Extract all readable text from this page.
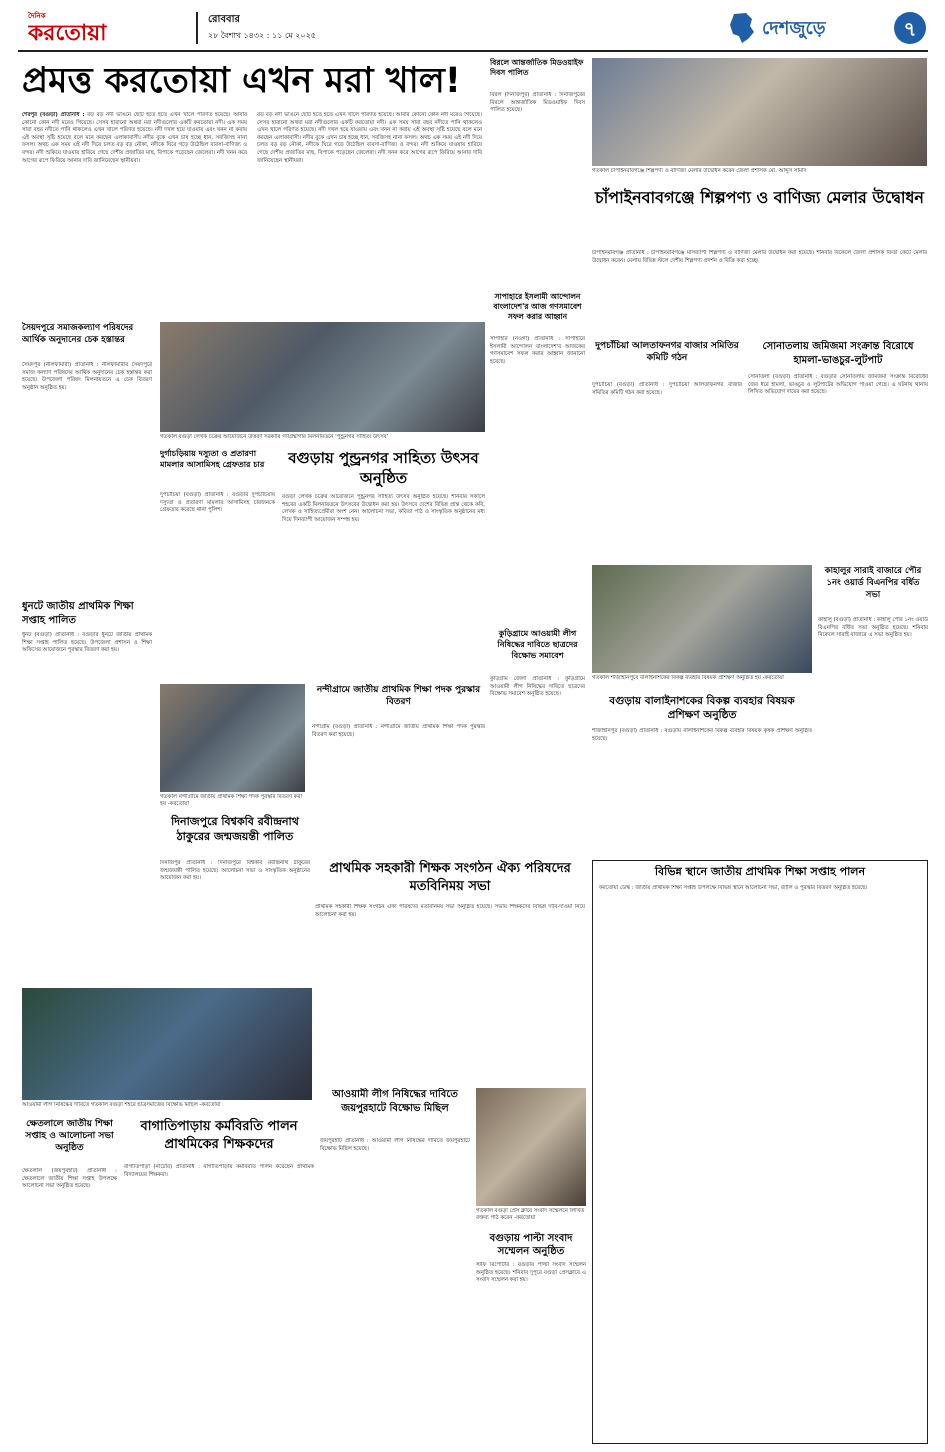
দৈনিক
করতোয়া
রোববার
২৮ বৈশাখ ১৪৩২ : ১১ মে ২০২৫	দেশজুড়ে	৭
প্রমত্ত করতোয়া এখন মরা খাল!
শেরপুর (বগুড়া) প্রতিনিধি : বড় বড় নদী ভাঙনে ছোট হতে হতে এখন খালে পরিণত হয়েছে। আবার কোনো কোন নদী মরেও গিয়েছে। সেসব হারানো অথবা মরা নদীগুলোর একটি করতোয়া নদী। এক সময় সারা বছর নদীতে পানি থাকলেও এখন খালে পরিণত হয়েছে। নদী দখল হয়ে যাওয়ায় এবং খনন না করায় এই অবস্থা সৃষ্টি হয়েছে বলে মনে করছেন এলাকাবাসী। নদীর বুকে এখন চাষ হচ্ছে ধান, সবজিসহ নানা ফসল। অথচ এক সময় এই নদী দিয়ে চলত বড় বড় নৌকা, নদীকে ঘিরে গড়ে উঠেছিল ব্যবসা-বাণিজ্য ও বন্দর। নদী শুকিয়ে যাওয়ায় হারিয়ে গেছে দেশীয় প্রজাতির মাছ, বিপাকে পড়েছেন জেলেরা। নদী খনন করে আগের রূপে ফিরিয়ে আনার দাবি জানিয়েছেন স্থানীয়রা।
বড় বড় নদী ভাঙনে ছোট হতে হতে এখন খালে পরিণত হয়েছে। আবার কোনো কোন নদী মরেও গিয়েছে। সেসব হারানো অথবা মরা নদীগুলোর একটি করতোয়া নদী। এক সময় সারা বছর নদীতে পানি থাকলেও এখন খালে পরিণত হয়েছে। নদী দখল হয়ে যাওয়ায় এবং খনন না করায় এই অবস্থা সৃষ্টি হয়েছে বলে মনে করছেন এলাকাবাসী। নদীর বুকে এখন চাষ হচ্ছে ধান, সবজিসহ নানা ফসল। অথচ এক সময় এই নদী দিয়ে চলত বড় বড় নৌকা, নদীকে ঘিরে গড়ে উঠেছিল ব্যবসা-বাণিজ্য ও বন্দর। নদী শুকিয়ে যাওয়ায় হারিয়ে গেছে দেশীয় প্রজাতির মাছ, বিপাকে পড়েছেন জেলেরা। নদী খনন করে আগের রূপে ফিরিয়ে আনার দাবি জানিয়েছেন স্থানীয়রা।
সৈয়দপুরে সমাজকল্যাণ পরিষদের আর্থিক অনুদানের চেক হস্তান্তর
সৈয়দপুর (নীলফামারী) প্রতিনিধি : নীলফামারীর সৈয়দপুরে সমাজ কল্যাণ পরিষদের আর্থিক অনুদানের চেক হস্তান্তর করা হয়েছে। উপজেলা পরিষদ মিলনায়তনে এ চেক বিতরণ অনুষ্ঠান অনুষ্ঠিত হয়।
গতকাল বগুড়া লেখক চক্রের আয়োজনে উত্তরণ সরকারি গণগ্রন্থাগার মিলনায়তনে 'পুন্ড্রনগর সাহিত্য উৎসব'
দুর্গাচড়িয়ায় দস্যুতা ও প্রতারণা মামলার আসামিসহ গ্রেফতার চার
দুপচাঁচিয়া (বগুড়া) প্রতিনিধি : বগুড়ার দুপচাঁচিয়ায় দস্যুতা ও প্রতারণা মামলার আসামিসহ চারজনকে গ্রেফতার করেছে থানা পুলিশ।
বগুড়ায় পুন্ড্রনগর সাহিত্য উৎসব অনুষ্ঠিত
বগুড়া লেখক চক্রের আয়োজনে পুন্ড্রনগর সাহিত্য উৎসব অনুষ্ঠিত হয়েছে। শনিবার সকালে শহরের একটি মিলনায়তনে উৎসবের উদ্বোধন করা হয়। উৎসবে দেশের বিভিন্ন প্রান্ত থেকে কবি, লেখক ও সাহিত্যপ্রেমীরা অংশ নেন। আলোচনা সভা, কবিতা পাঠ ও সাংস্কৃতিক অনুষ্ঠানের মধ্য দিয়ে দিনব্যাপী আয়োজন সম্পন্ন হয়।
ধুনটে জাতীয় প্রাথমিক শিক্ষা সপ্তাহ পালিত
ধুনট (বগুড়া) প্রতিনিধি : বগুড়ার ধুনটে জাতীয় প্রাথমিক শিক্ষা সপ্তাহ পালিত হয়েছে। উপজেলা প্রশাসন ও শিক্ষা অফিসের আয়োজনে পুরস্কার বিতরণ করা হয়।
গতকাল নন্দীগ্রামে জাতীয় প্রাথমিক শিক্ষা পদক পুরস্কার বিতরণ করা হয় -করতোয়া
নন্দীগ্রামে জাতীয় প্রাথমিক শিক্ষা পদক পুরস্কার বিতরণ
নন্দীগ্রাম (বগুড়া) প্রতিনিধি : নন্দীগ্রামে জাতীয় প্রাথমিক শিক্ষা পদক পুরস্কার বিতরণ করা হয়েছে।
দিনাজপুরে বিশ্বকবি রবীন্দ্রনাথ ঠাকুরের জন্মজয়ন্তী পালিত
দিনাজপুর প্রতিনিধি : দিনাজপুরে বিশ্বকবি রবীন্দ্রনাথ ঠাকুরের জন্মজয়ন্তী পালিত হয়েছে। আলোচনা সভা ও সাংস্কৃতিক অনুষ্ঠানের আয়োজন করা হয়।
প্রাথমিক সহকারী শিক্ষক সংগঠন ঐক্য পরিষদের মতবিনিময় সভা
প্রাথমিক সহকারী শিক্ষক সংগঠন ঐক্য পরিষদের মতবিনিময় সভা অনুষ্ঠিত হয়েছে। সভায় শিক্ষকদের বিভিন্ন দাবি-দাওয়া নিয়ে আলোচনা করা হয়।
আওয়ামী লীগ নিষিদ্ধের দাবিতে গতকাল বগুড়া শহরে ছাত্রসমাজের বিক্ষোভ মিছিল -করতোয়া
ক্ষেতলালে জাতীয় শিক্ষা সপ্তাহ ও আলোচনা সভা অনুষ্ঠিত
ক্ষেতলাল (জয়পুরহাট) প্রতিনিধি : ক্ষেতলালে জাতীয় শিক্ষা সপ্তাহ উপলক্ষে আলোচনা সভা অনুষ্ঠিত হয়েছে।
বাগাতিপাড়ায় কর্মবিরতি পালন প্রাথমিকের শিক্ষকদের
বাগাতিপাড়া (নাটোর) প্রতিনিধি : বাগাতিপাড়ায় কর্মবিরতি পালন করেছেন প্রাথমিক বিদ্যালয়ের শিক্ষকরা।
আওয়ামী লীগ নিষিদ্ধের দাবিতে জয়পুরহাটে বিক্ষোভ মিছিল
জয়পুরহাট প্রতিনিধি : আওয়ামী লীগ নিষিদ্ধের দাবিতে জয়পুরহাটে বিক্ষোভ মিছিল হয়েছে।
বিরলে আন্তর্জাতিক মিডওয়াইফ দিবস পালিত
বিরল (দিনাজপুর) প্রতিনিধি : দিনাজপুরের বিরলে আন্তর্জাতিক মিডওয়াইফ দিবস পালিত হয়েছে।
সাপাহারে ইসলামী আন্দোলন বাংলাদেশ'র আজ গণসমাবেশ সফল করার আহ্বান
সাপাহার (নওগাঁ) প্রতিনিধি : সাপাহারে ইসলামী আন্দোলন বাংলাদেশ'র আজকের গণসমাবেশ সফল করার আহ্বান জানানো হয়েছে।
কুড়িগ্রামে আওয়ামী লীগ নিষিদ্ধের দাবিতে ছাত্রদের বিক্ষোভ সমাবেশ
কুড়িগ্রাম জেলা প্রতিনিধি : কুড়িগ্রামে আওয়ামী লীগ নিষিদ্ধের দাবিতে ছাত্রদের বিক্ষোভ সমাবেশ অনুষ্ঠিত হয়েছে।
গতকাল চাঁপাইনবাবগঞ্জে শিল্পপণ্য ও বাণিজ্য মেলার উদ্বোধন করেন জেলা প্রশাসক মো. আব্দুস সামাদ
চাঁপাইনবাবগঞ্জে শিল্পপণ্য ও বাণিজ্য মেলার উদ্বোধন
চাঁপাইনবাবগঞ্জ প্রতিনিধি : চাঁপাইনবাবগঞ্জে মাসব্যাপী শিল্পপণ্য ও বাণিজ্য মেলার উদ্বোধন করা হয়েছে। শনিবার বিকেলে জেলা প্রশাসক ফিতা কেটে মেলার উদ্বোধন করেন। মেলায় বিভিন্ন স্টলে দেশীয় শিল্পপণ্য প্রদর্শন ও বিক্রি করা হচ্ছে।
দুপচাঁচিয়া আলতাফনগর বাজার সমিতির কমিটি গঠন
দুপচাঁচিয়া (বগুড়া) প্রতিনিধি : দুপচাঁচিয়া আলতাফনগর বাজার সমিতির কমিটি গঠন করা হয়েছে।
সোনাতলায় জমিজমা সংক্রান্ত বিরোধে হামলা-ভাঙচুর-লুটপাট
সোনাতলা (বগুড়া) প্রতিনিধি : বগুড়ার সোনাতলায় জমিজমা সংক্রান্ত বিরোধের জের ধরে হামলা, ভাঙচুর ও লুটপাটের অভিযোগ পাওয়া গেছে। এ ঘটনায় থানায় লিখিত অভিযোগ দায়ের করা হয়েছে।
কাহালুর সারাই বাজারে পৌর ১নং ওয়ার্ড বিএনপির বর্ধিত সভা
কাহালু (বগুড়া) প্রতিনিধি : কাহালু পৌর ১নং ওয়ার্ড বিএনপির বর্ধিত সভা অনুষ্ঠিত হয়েছে। শনিবার বিকেলে সারাই বাজারে এ সভা অনুষ্ঠিত হয়।
গতকাল শাজাহানপুরে বালাইনাশকের বিকল্প ব্যবহার বিষয়ক প্রশিক্ষণ অনুষ্ঠিত হয় -করতোয়া
বগুড়ায় বালাইনাশকের বিকল্প ব্যবহার বিষয়ক প্রশিক্ষণ অনুষ্ঠিত
শাজাহানপুর (বগুড়া) প্রতিনিধি : বগুড়ায় বালাইনাশকের বিকল্প ব্যবহার বিষয়ক কৃষক প্রশিক্ষণ অনুষ্ঠিত হয়েছে।
বিভিন্ন স্থানে জাতীয় প্রাথমিক শিক্ষা সপ্তাহ পালন
করতোয়া ডেস্ক : জাতীয় প্রাথমিক শিক্ষা সপ্তাহ উপলক্ষে বিভিন্ন স্থানে আলোচনা সভা, র‌্যালি ও পুরস্কার বিতরণ অনুষ্ঠিত হয়েছে।
গতকাল বগুড়া প্রেস ক্লাবে সংবাদ সম্মেলনে লিখিত বক্তব্য পাঠ করেন -করতোয়া
বগুড়ায় পাল্টা সংবাদ সম্মেলন অনুষ্ঠিত
স্টাফ রিপোর্টার : বগুড়ায় পাল্টা সংবাদ সম্মেলন অনুষ্ঠিত হয়েছে। শনিবার দুপুরে বগুড়া প্রেসক্লাবে এ সংবাদ সম্মেলন করা হয়।
